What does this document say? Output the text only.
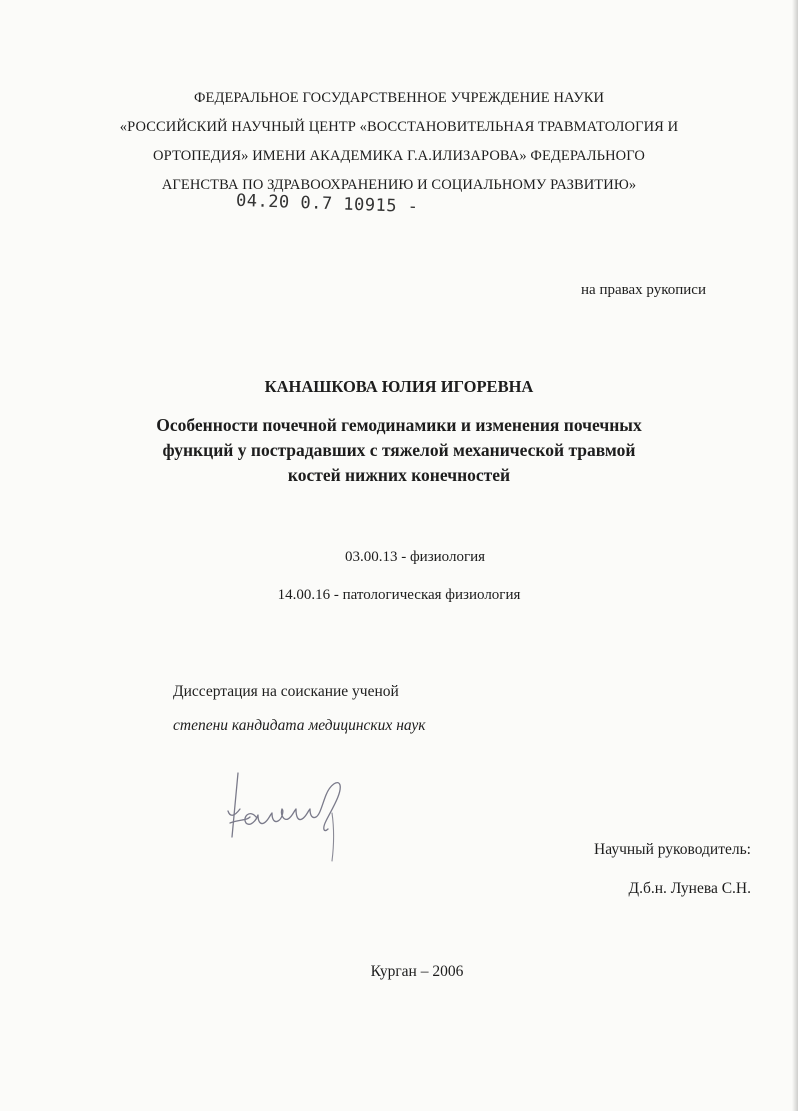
ФЕДЕРАЛЬНОЕ ГОСУДАРСТВЕННОЕ УЧРЕЖДЕНИЕ НАУКИ
«РОССИЙСКИЙ НАУЧНЫЙ ЦЕНТР «ВОССТАНОВИТЕЛЬНАЯ ТРАВМАТОЛОГИЯ И
ОРТОПЕДИЯ» ИМЕНИ АКАДЕМИКА Г.А.ИЛИЗАРОВА» ФЕДЕРАЛЬНОГО
АГЕНСТВА ПО ЗДРАВООХРАНЕНИЮ И СОЦИАЛЬНОМУ РАЗВИТИЮ»
04.20 0.7 10915 -
на правах рукописи
КАНАШКОВА ЮЛИЯ ИГОРЕВНА
Особенности почечной гемодинамики и изменения почечных
функций у пострадавших с тяжелой механической травмой
костей нижних конечностей
03.00.13 - физиология
14.00.16 - патологическая физиология
Диссертация на соискание ученой
степени кандидата медицинских наук
Научный руководитель:
Д.б.н. Лунева С.Н.
Курган – 2006
